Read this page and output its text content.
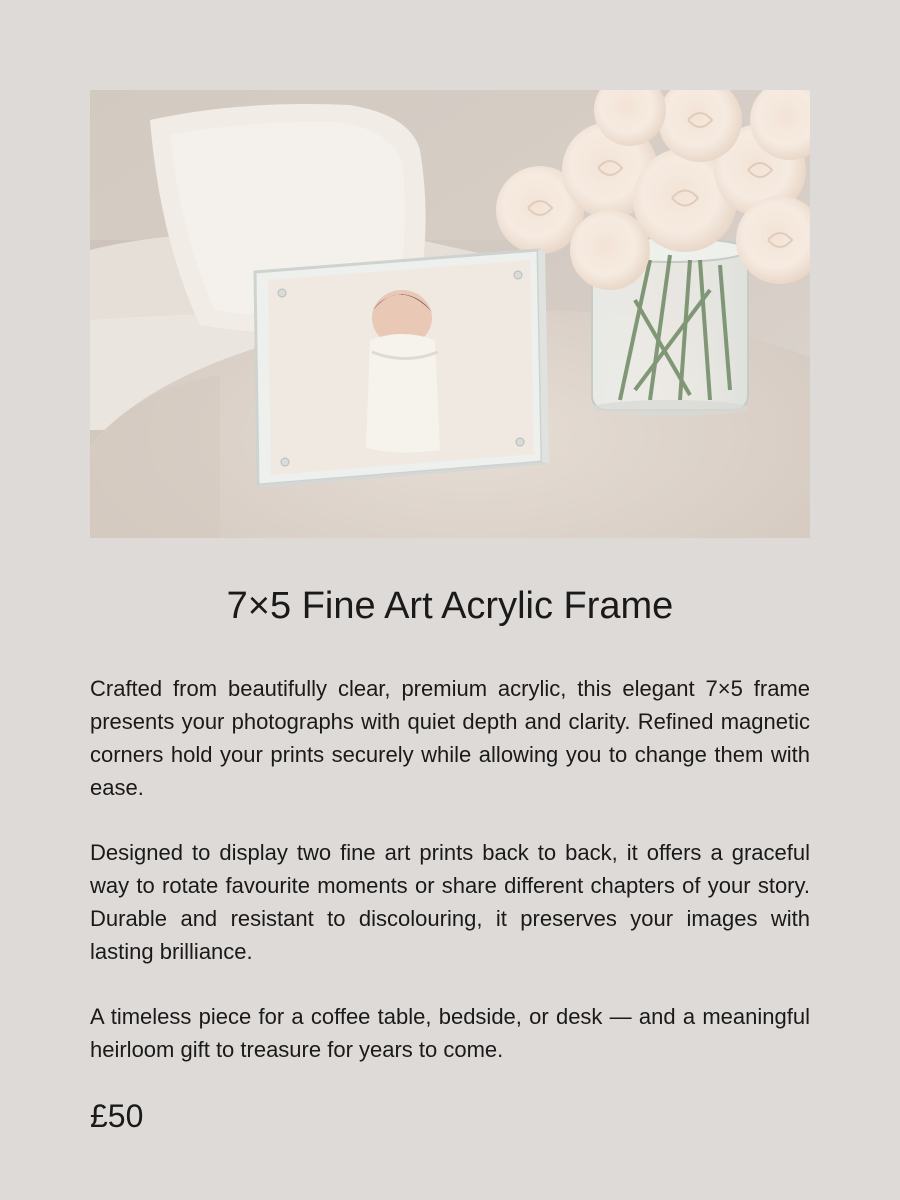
7×5 Fine Art Acrylic Frame

Crafted from beautifully clear, premium acrylic, this elegant 7×5 frame presents your photographs with quiet depth and clarity. Refined magnetic corners hold your prints securely while allowing you to change them with ease.

Designed to display two fine art prints back to back, it offers a graceful way to rotate favourite moments or share different chapters of your story. Durable and resistant to discolouring, it preserves your images with lasting brilliance.

A timeless piece for a coffee table, bedside, or desk — and a meaningful heirloom gift to treasure for years to come.

£50
